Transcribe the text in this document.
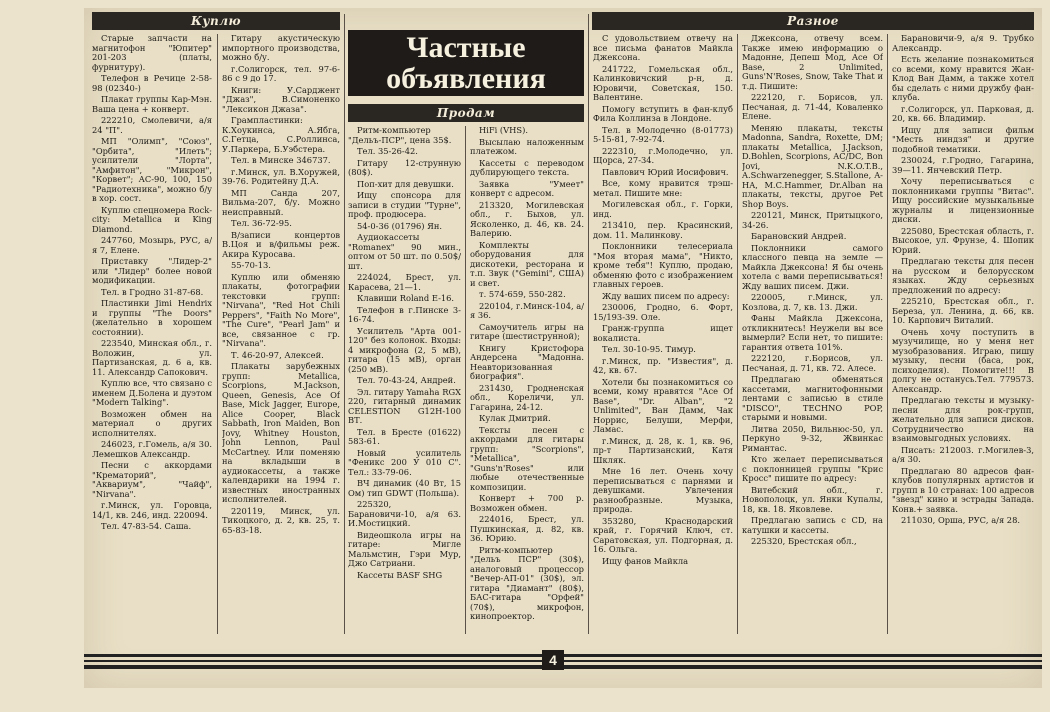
Куплю
Частные
объявления
Разное
Продам

Старые запчасти на магнитофон "Юпитер" 201-203 (платы, фурнитуру).

Телефон в Речице 2-58-98 (02340-)

Плакат группы Кар-Мэн. Ваша цена + конверт.

222210, Смолевичи, а/я 24 "П".

МП "Олимп", "Союз", "Орбита", "Илеть"; усилители "Лорта", "Амфитон", "Микрон", "Корвет"; АС-90, 100, 150 "Радиотехника", можно б/у в хор. сост.

Куплю спецномера Rock-city: Metallica и King Diamond.

247760, Мозырь, РУС, а/я 7, Елене.

Приставку "Лидер-2" или "Лидер" более новой модификации.

Тел. в Гродно 31-87-68.

Пластинки Jimi Hendrix и группы "The Doors" (желательно в хорошем состоянии).

223540, Минская обл., г. Воложин, ул. Партизанская, д. 6 а, кв. 11. Александр Сапокович.

Куплю все, что связано с именем Д.Болена и дуэтом "Modern Talking".

Возможен обмен на материал о других исполнителях.

246023, г.Гомель, а/я 30. Лемешков Александр.

Песни с аккордами "Крематорий", "Аквариум", "Чайф", "Nirvana".

г.Минск, ул. Горовца, 14/1, кв. 246, инд. 220094.

Тел. 47-83-54. Саша.

Гитару акустическую импортного производства, можно б/у.

г.Солигорск, тел. 97-6-86 с 9 до 17.

Книги: У.Сарджент "Джаз", В.Симоненко "Лексикон Джаза".

Грампластинки: К.Хоукинса, А.Ябга, С.Гетца, С.Роллинса, У.Паркера, Б.Уэбстера.

Тел. в Минске 346737.

г.Минск, ул. В.Хоружей, 39-76. Родитейну Д.А.

МП Санда 207, Вильма-207, б/у. Можно неисправный.

Тел. 36-72-95.

В/записи концертов В.Цоя и в/фильмы реж. Акира Куросава.

55-70-13.

Куплю или обменяю плакаты, фотографии текстовки групп: "Nirvana", "Red Hot Chili Peppers", "Faith No More", "The Cure", "Pearl Jam" и все, связанное с гр. "Nirvana".

Т. 46-20-97, Алексей.

Плакаты зарубежных групп: Metallica, Scorpions, M.Jackson, Queen, Genesis, Ace Of Base, Mick Jagger, Europe, Alice Cooper, Black Sabbath, Iron Maiden, Bon Jovy, Whitney Houston, John Lennon, Paul McCartney. Или поменяю на вкладыши в аудиокассеты, а также календарики на 1994 г. известных иностранных исполнителей.

220119, Минск, ул. Тикоцкого, д. 2, кв. 25, т. 65-83-18.

Ритм-компьютер "Дельъ-ПСР", цена 35$.

Тел. 35-26-42.

Гитару 12-струнную (80$).

Поп-хит для девушки.

Ищу спонсора для записи в студии "Турне", проф. продюсера.

54-0-36 (01796) Ян.

Аудиокассеты "Romanex" 90 мин., оптом от 50 шт. по 0.50$/шт.

224024, Брест, ул. Карасева, 21—1.

Клавиши Roland E-16.

Телефон в г.Пинске 3-16-74.

Усилитель "Арта 001-120" без колонок. Входы: 4 микрофона (2, 5 мВ), гитара (15 мВ), орган (250 мВ).

Тел. 70-43-24, Андрей.

Эл. гитару Yamaha RGX 220, гитарный динамик CELESTION G12H-100 ВТ.

Тел. в Бресте (01622) 583-61.

Новый усилитель "Феникс 200 У 010 С". Тел.: 33-79-06.

ВЧ динамик (40 Вт, 15 Ом) тип GDWT (Польша).

225320, Барановичи-10, а/я 63. И.Мостицкий.

Видеошкола игры на гитаре: Мигле Мальмстин, Гэри Мур, Джо Сатриани.

Кассеты BASF SHG

HiFi (VHS).

Высылаю наложенным платежом.

Кассеты с переводом дублирующего текста.

Заявка "Умеет" конверт с адресом.

213320, Могилевская обл., г. Быхов, ул. Ясколенко, д. 46, кв. 24. Валерию.

Комплекты оборудования для дискотеки, ресторана и т.п. Звук ("Gemini", США) и свет.

т. 574-659, 550-282.

220104, г.Минск-104, а/я 36.

Самоучитель игры на гитаре (шестиструнной);

Книгу Кристофора Андерсена "Мадонна. Неавторизованная биография".

231430, Гродненская обл., Кореличи, ул. Гагарина, 24-12.

Кулак Дмитрий.

Тексты песен с аккордами для гитары групп: "Scorpions", "Metallica", "Guns'n'Roses" или любые отечественные композиции.

Конверт + 700 р. Возможен обмен.

224016, Брест, ул. Пушкинская, д. 82, кв. 36. Юрию.

Ритм-компьютер "Дельъ ПСР" (30$), аналоговый процессор "Вечер-АП-01" (30$), эл. гитара "Диамант" (80$), БАС-гитара "Орфей" (70$), микрофон, кинопроектор.

С удовольствием отвечу на все письма фанатов Майкла Джексона.

241722, Гомельская обл., Калинковичский р-н, д. Юровичи, Советская, 150. Валентине.

Помогу вступить в фан-клуб Фила Коллинза в Лондоне.

Тел. в Молодечно (8-01773) 5-15-81, 7-92-74.

222310, г.Молодечно, ул. Щорса, 27-34.

Павлович Юрий Иосифович.

Все, кому нравится трэш-метал. Пишите мне:

Могилевская обл., г. Горки, инд.

213410, пер. Красинский, дом. 11. Малинкову.

Поклонники телесериала "Моя вторая мама", "Никто, кроме тебя"! Куплю, продаю, обменяю фото с изображением главных героев.

Жду ваших писем по адресу:

230006, Гродно, 6. Форт, 15/193-39. Оле.

Гранж-группа ищет вокалиста.

Тел. 30-10-95. Тимур.

г.Минск, пр. "Известия", д. 42, кв. 67.

Хотели бы познакомиться со всеми, кому нравятся "Ace Of Base", "Dr. Alban", "2 Unlimited", Ван Дамм, Чак Норрис, Белуши, Мерфи, Ламас.

г.Минск, д. 28, к. 1, кв. 96, пр-т Партизанский, Катя Шкляк.

Мне 16 лет. Очень хочу переписываться с парнями и девушками. Увлечения разнообразные. Музыка, природа.

353280, Краснодарский край, г. Горячий Ключ, ст. Саратовская, ул. Подгорная, д. 16. Ольга.

Ищу фанов Майкла

Джексона, отвечу всем. Также имею информацию о Мадонне, Депеш Мод, Ace Of Base, 2 Unlimited, Guns'N'Roses, Snow, Take That и т.д. Пишите:

222120, г. Борисов, ул. Песчаная, д. 71-44, Коваленко Елене.

Меняю плакаты, тексты Madonna, Sandra, Roxette, DM; плакаты Metallica, J.Jackson, D.Bohlen, Scorpions, AC/DC, Bon Jovi, N.K.O.T.B., A.Schwarzenegger, S.Stallone, A-HA, M.C.Hammer, Dr.Alban на плакаты, тексты, другое Pet Shop Boys.

220121, Минск, Притыцкого, 34-26.

Барановский Андрей.

Поклонники самого классного певца на земле — Майкла Джексона! Я бы очень хотела с вами переписываться! Жду ваших писем. Джи.

220005, г.Минск, ул. Козлова, д. 7, кв. 13. Джи.

Фаны Майкла Джексона, откликнитесь! Неужели вы все вымерли? Если нет, то пишите: гарантия ответа 101%.

222120, г.Борисов, ул. Песчаная, д. 71, кв. 72. Алесе.

Предлагаю обменяться кассетами, магнитофонными лентами с записью в стиле "DISCO", TECHNO POP, старыми и новыми.

Литва 2050, Вильнюс-50, ул. Перкуно 9-32, Жвинкас Римантас.

Кто желает переписываться с поклонницей группы "Крис Кросс" пишите по адресу:

Витебский обл., г. Новополоцк, ул. Янки Купалы, 18, кв. 18. Яковлеве.

Предлагаю запись с CD, на катушки и кассеты.

225320, Брестская обл.,

Барановичи-9, а/я 9. Трубко Александр.

Есть желание познакомиться со всеми, кому нравится Жан-Клод Ван Дамм, а также хотел бы сделать с ними дружбу фан-клуба.

г.Солигорск, ул. Парковая, д. 20, кв. 66. Владимир.

Ищу для записи фильм "Месть ниндзя" и другие подобной тематики.

230024, г.Гродно, Гагарина, 39—11. Янчевский Петр.

Хочу переписываться с поклонниками группы "Витас". Ищу российские музыкальные журналы и лицензионные диски.

225080, Брестская область, г. Высокое, ул. Фрунзе, 4. Шопик Юрий.

Предлагаю тексты для песен на русском и белорусском языках. Жду серьезных предложений по адресу:

225210, Брестская обл., г. Береза, ул. Ленина, д. 66, кв. 10. Карпович Виталий.

Очень хочу поступить в музучилище, но у меня нет музобразования. Играю, пишу музыку, песни (баса, рок, психоделия). Помогите!!! В долгу не останусь.Тел. 779573. Александр.

Предлагаю тексты и музыку-песни для рок-групп, желательно для записи дисков. Сотрудничество на взаимовыгодных условиях.

Писать: 212003. г.Могилев-3, а/я 30.

Предлагаю 80 адресов фан-клубов популярных артистов и групп в 10 странах: 100 адресов "звезд" кино и эстрады Запада. Конв.+ заявка.

211030, Орша, РУС, а/я 28.

4
